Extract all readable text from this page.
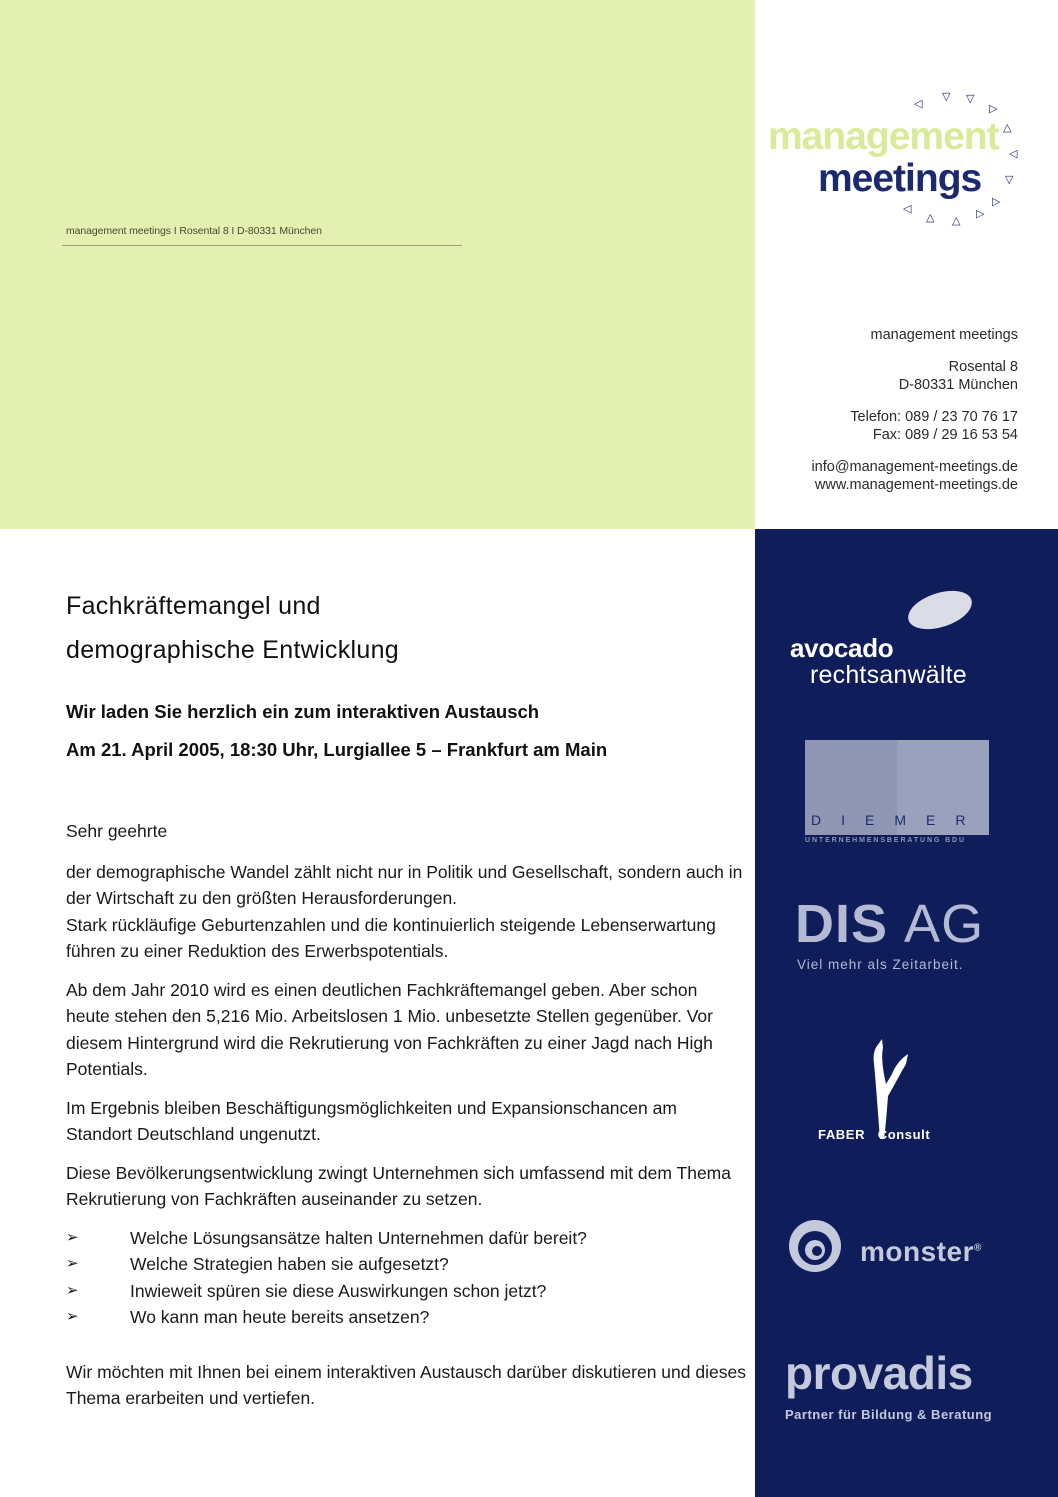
management meetings I Rosental 8 I D-80331 München
management
meetings
◁
▽ ▽
▷
△
◁
▽
▷
▷
△
△
◁
management meetings
Rosental 8
D-80331 München
Telefon: 089 / 23 70 76 17
Fax: 089 / 29 16 53 54
info@management-meetings.de
www.management-meetings.de
Fachkräftemangel und
demographische Entwicklung
Wir laden Sie herzlich ein zum interaktiven Austausch
Am 21. April 2005, 18:30 Uhr, Lurgiallee 5 – Frankfurt am Main

Sehr geehrte

der demographische Wandel zählt nicht nur in Politik und Gesellschaft, sondern auch in der Wirtschaft zu den größten Herausforderungen.
Stark rückläufige Geburtenzahlen und die kontinuierlich steigende Lebenserwartung führen zu einer Reduktion des Erwerbspotentials.

Ab dem Jahr 2010 wird es einen deutlichen Fachkräftemangel geben. Aber schon heute stehen den 5,216 Mio. Arbeitslosen 1 Mio. unbesetzte Stellen gegenüber. Vor diesem Hintergrund wird die Rekrutierung von Fachkräften zu einer Jagd nach High Potentials.

Im Ergebnis bleiben Beschäftigungsmöglichkeiten und Expansionschancen am Standort Deutschland ungenutzt.

Diese Bevölkerungsentwicklung zwingt Unternehmen sich umfassend mit dem Thema Rekrutierung von Fachkräften auseinander zu setzen.

➢	Welche Lösungsansätze halten Unternehmen dafür bereit?
➢	Welche Strategien haben sie aufgesetzt?
➢	Inwieweit spüren sie diese Auswirkungen schon jetzt?
➢	Wo kann man heute bereits ansetzen?

Wir möchten mit Ihnen bei einem interaktiven Austausch darüber diskutieren und dieses Thema erarbeiten und vertiefen.

avocado
rechtsanwälte
DIEMER
UNTERNEHMENSBERATUNG BDU
DIS AG
Viel mehr als Zeitarbeit.
FABER Consult
monster®
provadis
Partner für Bildung & Beratung
